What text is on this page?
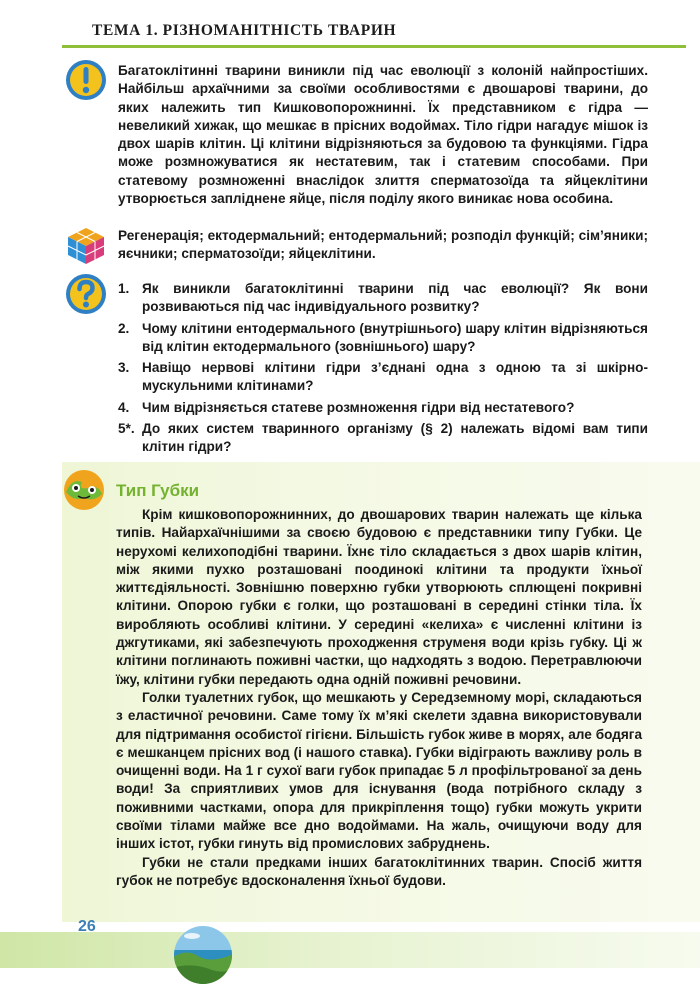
ТЕМА 1. РІЗНОМАНІТНІСТЬ ТВАРИН

Багатоклітинні тварини виникли під час еволюції з колоній найпростіших. Найбільш архаїчними за своїми особливостями є двошарові тварини, до яких належить тип Кишковопорожнинні. Їх представником є гідра — невеликий хижак, що мешкає в прісних водоймах. Тіло гідри нагадує мішок із двох шарів клітин. Ці клітини відрізняються за будовою та функціями. Гідра може розмножуватися як нестатевим, так і статевим способами. При статевому розмноженні внаслідок злиття сперматозоїда та яйцеклітини утворюється запліднене яйце, після поділу якого виникає нова особина.

Регенерація; ектодермальний; ентодермальний; розподіл функцій; сім’яники; яєчники; сперматозоїди; яйцеклітини.

1. Як виникли багатоклітинні тварини під час еволюції? Як вони розвиваються під час індивідуального розвитку?
2. Чому клітини ентодермального (внутрішнього) шару клітин відрізняються від клітин ектодермального (зовнішнього) шару?
3. Навіщо нервові клітини гідри з’єднані одна з одною та зі шкірно-мускульними клітинами?
4. Чим відрізняється статеве розмноження гідри від нестатевого?
5*. До яких систем тваринного організму (§ 2) належать відомі вам типи клітин гідри?
Тип Губки

Крім кишковопорожнинних, до двошарових тварин належать ще кілька типів. Найархаїчнішими за своєю будовою є представники типу Губки. Це нерухомі келихоподібні тварини. Їхнє тіло складається з двох шарів клітин, між якими пухко розташовані поодинокі клітини та продукти їхньої життєдіяльності. Зовнішню поверхню губки утворюють сплющені покривні клітини. Опорою губки є голки, що розташовані в середині стінки тіла. Їх виробляють особливі клітини. У середині «келиха» є численні клітини із джгутиками, які забезпечують проходження струменя води крізь губку. Ці ж клітини поглинають поживні частки, що надходять з водою. Перетравлюючи їжу, клітини губки передають одна одній поживні речовини.

Голки туалетних губок, що мешкають у Середземному морі, складаються з еластичної речовини. Саме тому їх м’які скелети здавна використовували для підтримання особистої гігієни. Більшість губок живе в морях, але бодяга є мешканцем прісних вод (і нашого ставка). Губки відіграють важливу роль в очищенні води. На 1 г сухої ваги губок припадає 5 л профільтрованої за день води! За сприятливих умов для існування (вода потрібного складу з поживними частками, опора для прикріплення тощо) губки можуть укрити своїми тілами майже все дно водоймами. На жаль, очищуючи воду для інших істот, губки гинуть від промислових забруднень.

Губки не стали предками інших багатоклітинних тварин. Спосіб життя губок не потребує вдосконалення їхньої будови.

26
